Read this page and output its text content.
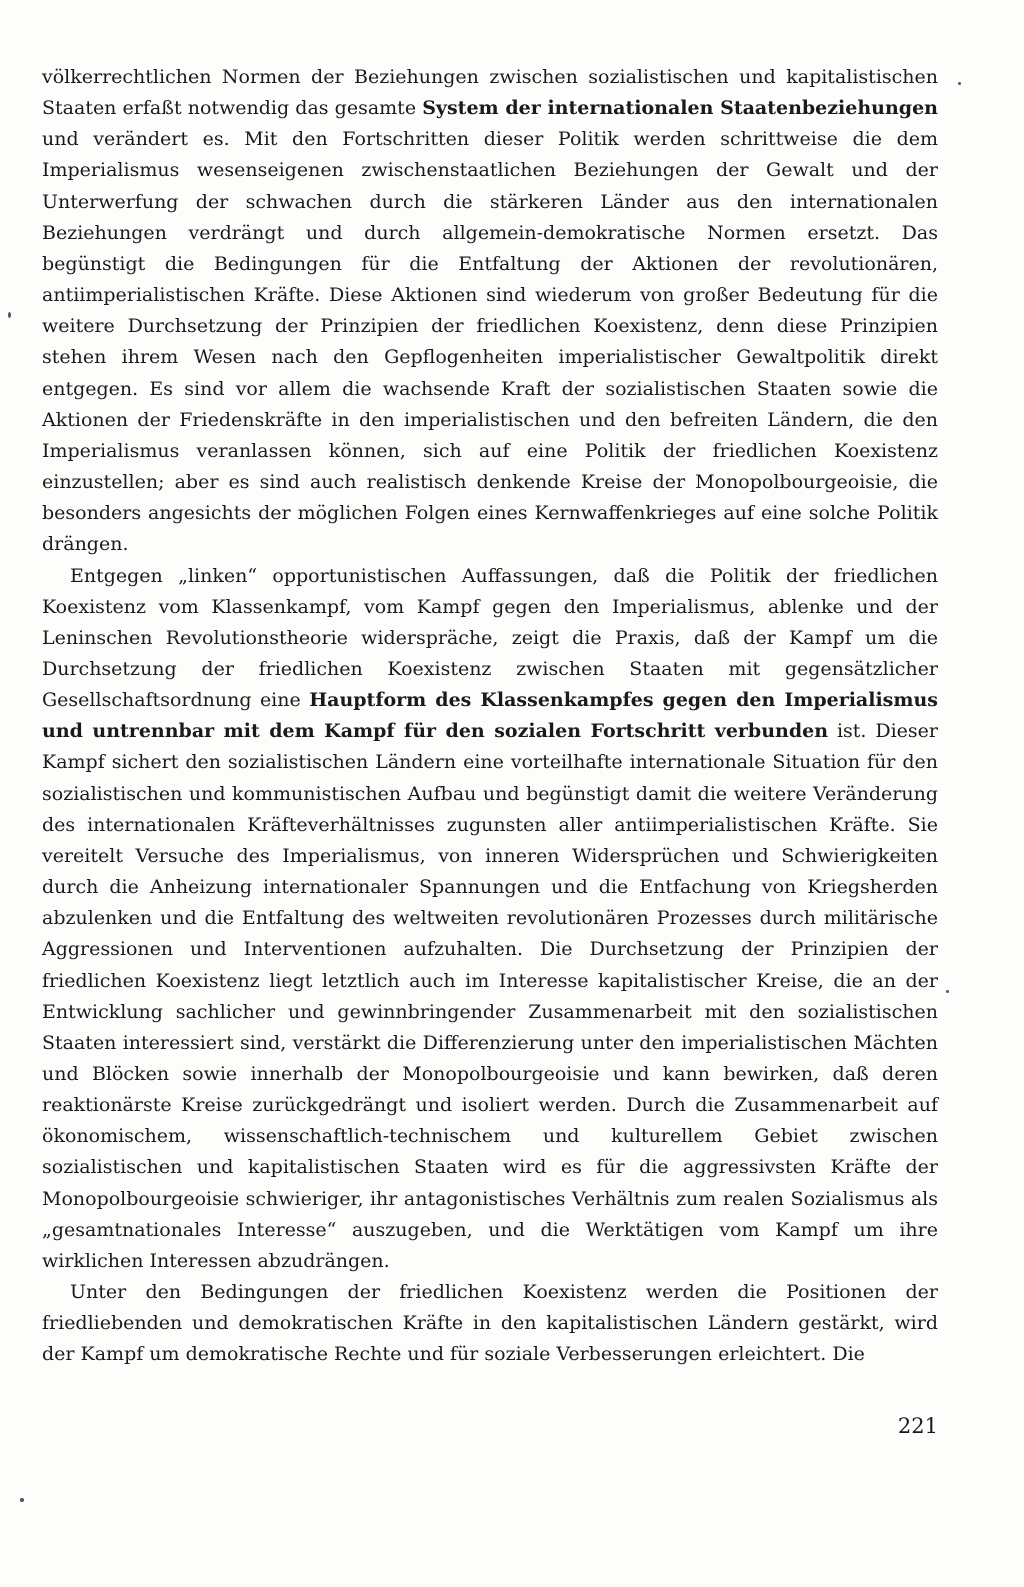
völkerrechtlichen Normen der Beziehungen zwischen sozialistischen und kapitalistischen Staaten erfaßt notwendig das gesamte System der internationalen Staatenbeziehungen und verändert es. Mit den Fortschritten dieser Politik werden schrittweise die dem Imperialismus wesenseigenen zwischenstaatlichen Beziehungen der Gewalt und der Unterwerfung der schwachen durch die stärkeren Länder aus den internationalen Beziehungen verdrängt und durch allgemein-demokratische Normen ersetzt. Das begünstigt die Bedingungen für die Entfaltung der Aktionen der revolutionären, antiimperialistischen Kräfte. Diese Aktionen sind wiederum von großer Bedeutung für die weitere Durchsetzung der Prinzipien der friedlichen Koexistenz, denn diese Prinzipien stehen ihrem Wesen nach den Gepflogenheiten imperialistischer Gewaltpolitik direkt entgegen. Es sind vor allem die wachsende Kraft der sozialistischen Staaten sowie die Aktionen der Friedenskräfte in den imperialistischen und den befreiten Ländern, die den Imperialismus veranlassen können, sich auf eine Politik der friedlichen Koexistenz einzustellen; aber es sind auch realistisch denkende Kreise der Monopolbourgeoisie, die besonders angesichts der möglichen Folgen eines Kernwaffenkrieges auf eine solche Politik drängen.

Entgegen „linken“ opportunistischen Auffassungen, daß die Politik der friedlichen Koexistenz vom Klassenkampf, vom Kampf gegen den Imperialismus, ablenke und der Leninschen Revolutionstheorie widerspräche, zeigt die Praxis, daß der Kampf um die Durchsetzung der friedlichen Koexistenz zwischen Staaten mit gegensätzlicher Gesellschaftsordnung eine Hauptform des Klassenkampfes gegen den Imperialismus und untrennbar mit dem Kampf für den sozialen Fortschritt verbunden ist. Dieser Kampf sichert den sozialistischen Ländern eine vorteilhafte internationale Situation für den sozialistischen und kommunistischen Aufbau und begünstigt damit die weitere Veränderung des internationalen Kräfteverhältnisses zugunsten aller antiimperialistischen Kräfte. Sie vereitelt Versuche des Imperialismus, von inneren Widersprüchen und Schwierigkeiten durch die Anheizung internationaler Spannungen und die Entfachung von Kriegsherden abzulenken und die Entfaltung des weltweiten revolutionären Prozesses durch militärische Aggressionen und Interventionen aufzuhalten. Die Durchsetzung der Prinzipien der friedlichen Koexistenz liegt letztlich auch im Interesse kapitalistischer Kreise, die an der Entwicklung sachlicher und gewinnbringender Zusammenarbeit mit den sozialistischen Staaten interessiert sind, verstärkt die Differenzierung unter den imperialistischen Mächten und Blöcken sowie innerhalb der Monopolbourgeoisie und kann bewirken, daß deren reaktionärste Kreise zurückgedrängt und isoliert werden. Durch die Zusammenarbeit auf ökonomischem, wissenschaftlich-technischem und kulturellem Gebiet zwischen sozialistischen und kapitalistischen Staaten wird es für die aggressivsten Kräfte der Monopolbourgeoisie schwieriger, ihr antagonistisches Verhältnis zum realen Sozialismus als „gesamtnationales Interesse“ auszugeben, und die Werktätigen vom Kampf um ihre wirklichen Interessen abzudrängen.

Unter den Bedingungen der friedlichen Koexistenz werden die Positionen der friedliebenden und demokratischen Kräfte in den kapitalistischen Ländern gestärkt, wird der Kampf um demokratische Rechte und für soziale Verbesserungen erleichtert. Die

221
